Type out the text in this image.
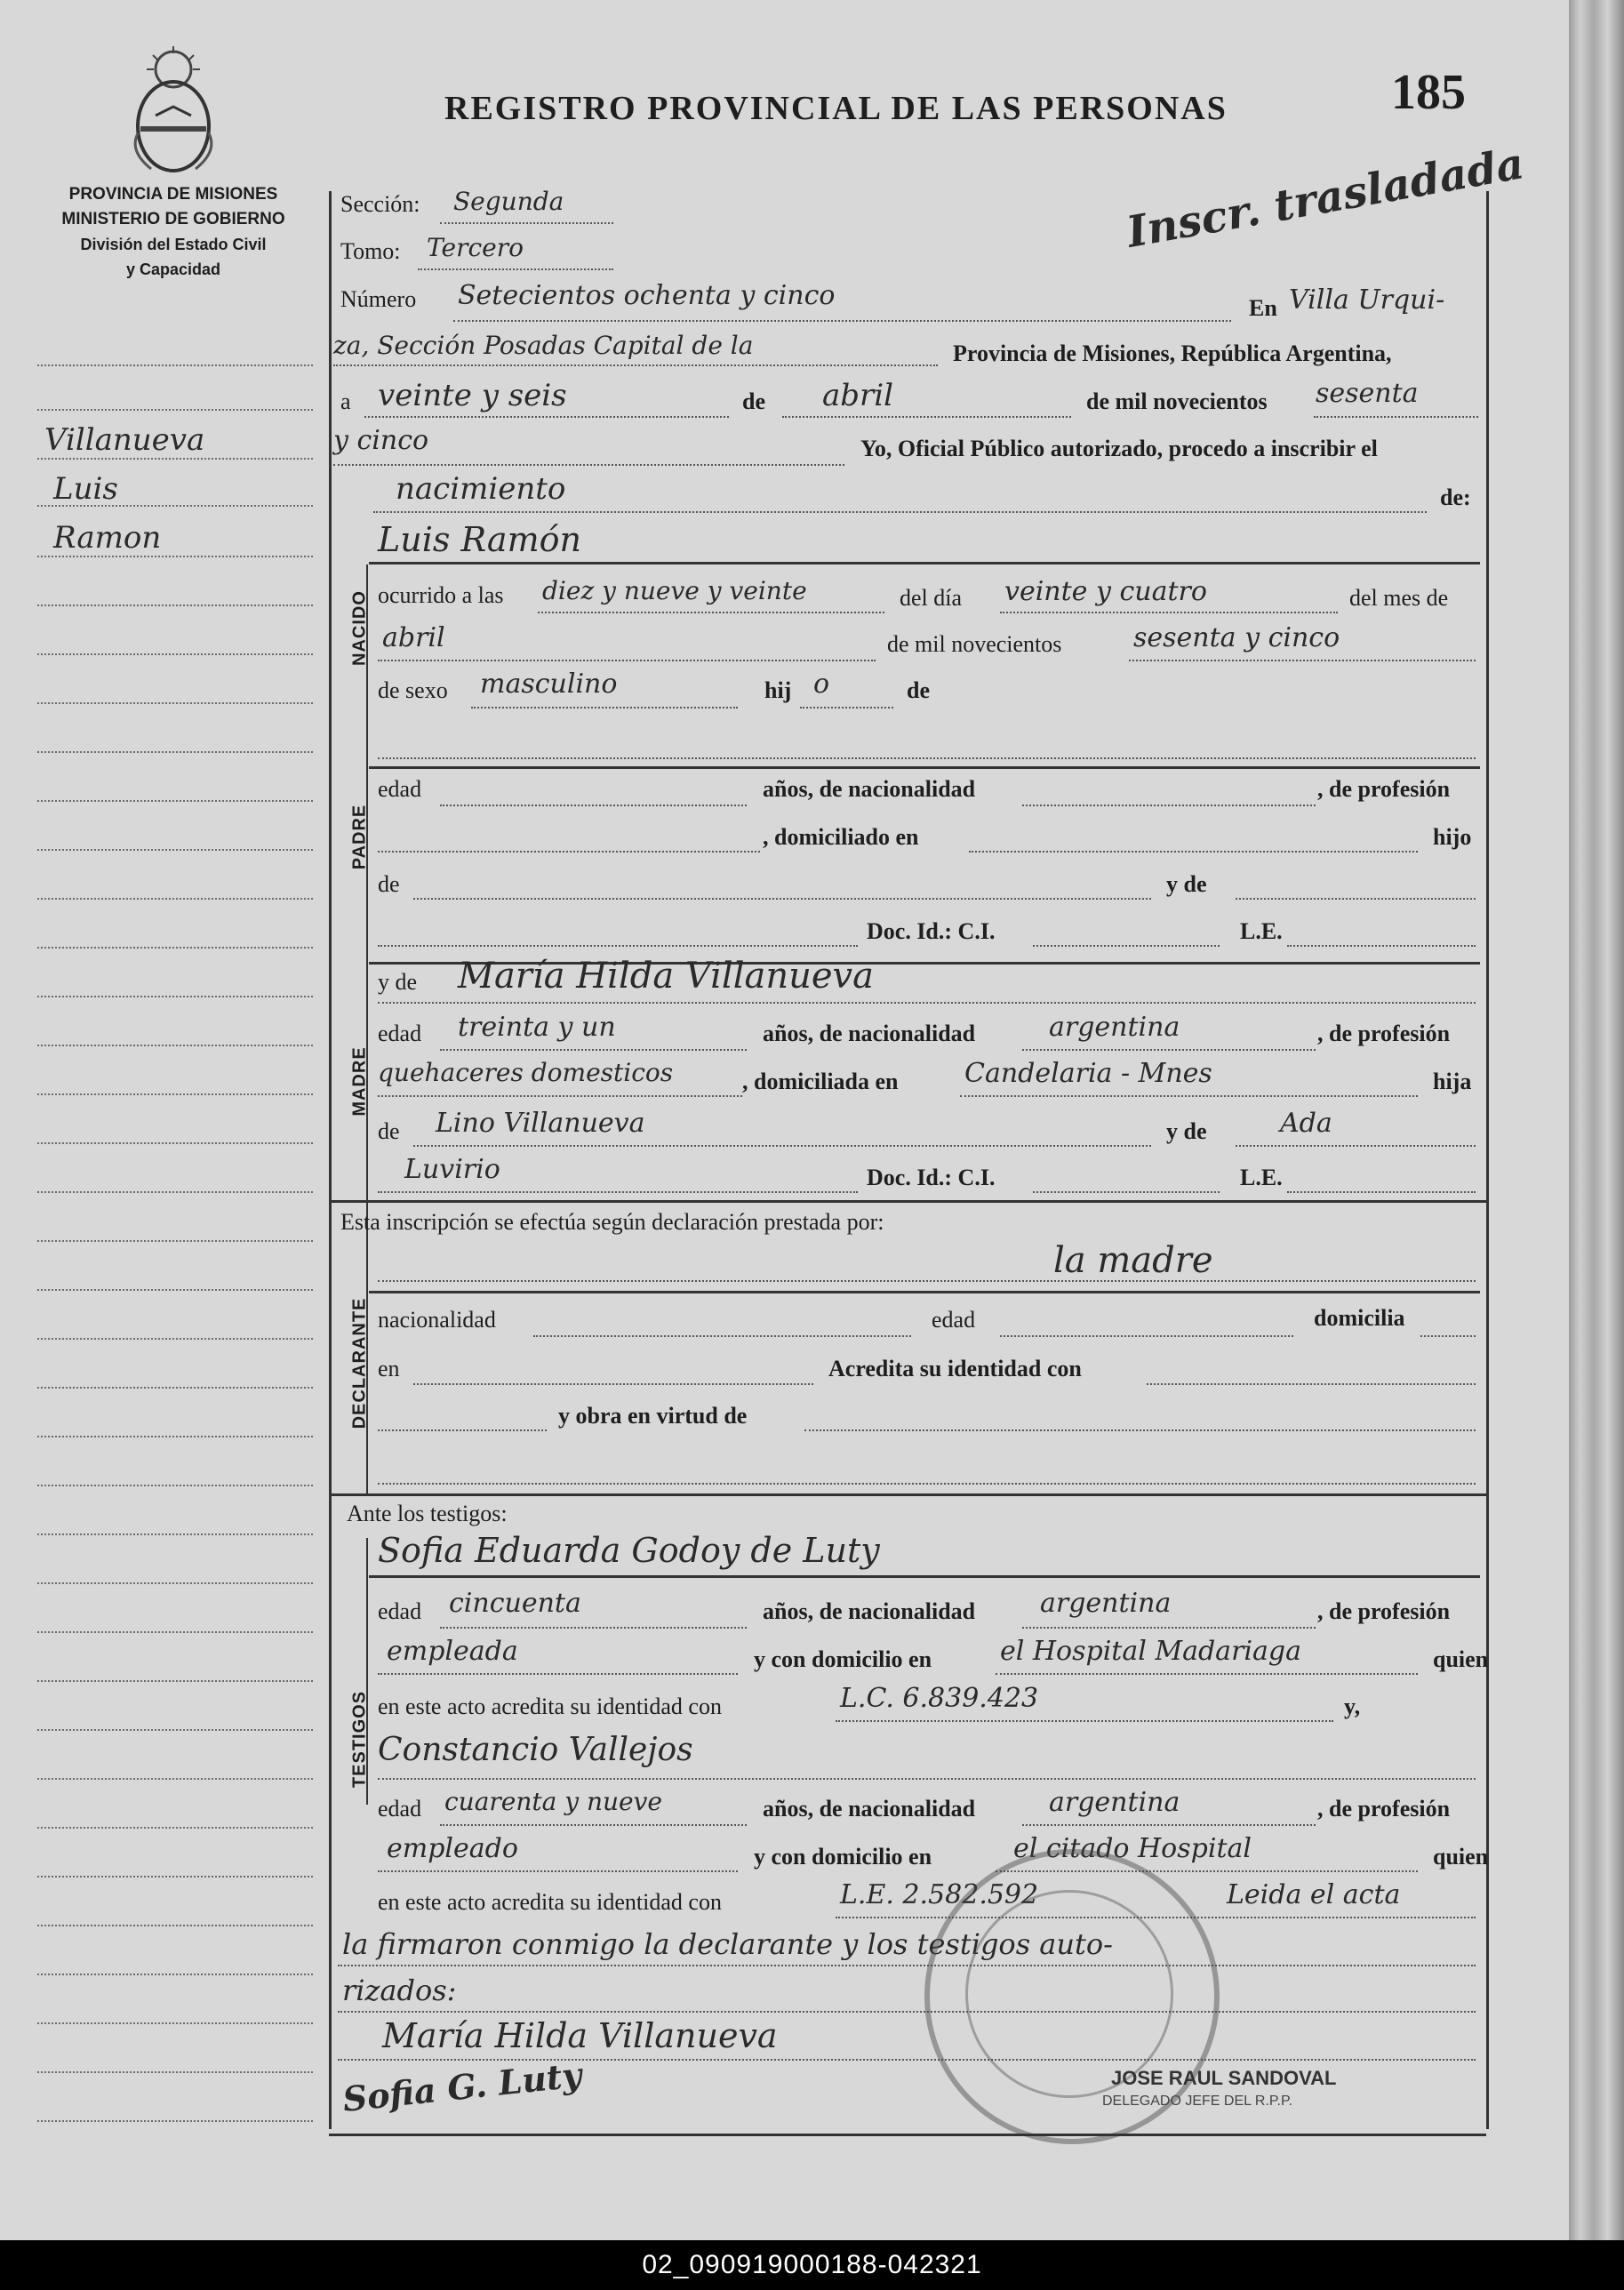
PROVINCIA DE MISIONES
MINISTERIO DE GOBIERNO
División del Estado Civil
y Capacidad
REGISTRO PROVINCIAL DE LAS PERSONAS	185
Inscr. trasladada
Villanueva
Luis
Ramon
Sección: Segunda
Tomo: Tercero
Número Setecientos ochenta y cinco	En Villa Urqui-
za, Sección Posadas Capital de la	Provincia de Misiones, República Argentina,
a veinte y seis	de abril	de mil novecientos sesenta
y cinco	Yo, Oficial Público autorizado, procedo a inscribir el
nacimiento	de:
NACIDO
Luis Ramón
ocurrido a las diez y nueve y veinte	del día veinte y cuatro	del mes de
abril	de mil novecientos	sesenta y cinco
de sexo masculino	hij o	de
PADRE
edad	años, de nacionalidad	, de profesión
, domiciliado en	hijo
de	y de
Doc. Id.: C.I.	L.E.
MADRE
y de María Hilda Villanueva
edad treinta y un	años, de nacionalidad	argentina	, de profesión
quehaceres domesticos	, domiciliada en Candelaria - Mnes	hija
de Lino Villanueva	y de	Ada
Luvirio	Doc. Id.: C.I.	L.E.
Esta inscripción se efectúa según declaración prestada por:
la madre
DECLARANTE nacionalidad	edad	domicilia
en	Acredita su identidad con
y obra en virtud de
Ante los testigos:
Sofia Eduarda Godoy de Luty
TESTIGOS
edad cincuenta	años, de nacionalidad argentina	, de profesión
empleada	y con domicilio en	el Hospital Madariaga	quien
en este acto acredita su identidad con	L.C. 6.839.423	y,
Constancio Vallejos
edad cuarenta y nueve	años, de nacionalidad	argentina	, de profesión
empleado	y con domicilio en	el citado Hospital	quien
en este acto acredita su identidad con	L.E. 2.582.592	Leida el acta
la firmaron conmigo la declarante y los testigos auto-
rizados:
María Hilda Villanueva
Sofia G. Luty	JOSE RAUL SANDOVAL
DELEGADO JEFE DEL R.P.P.
02_090919000188-042321
